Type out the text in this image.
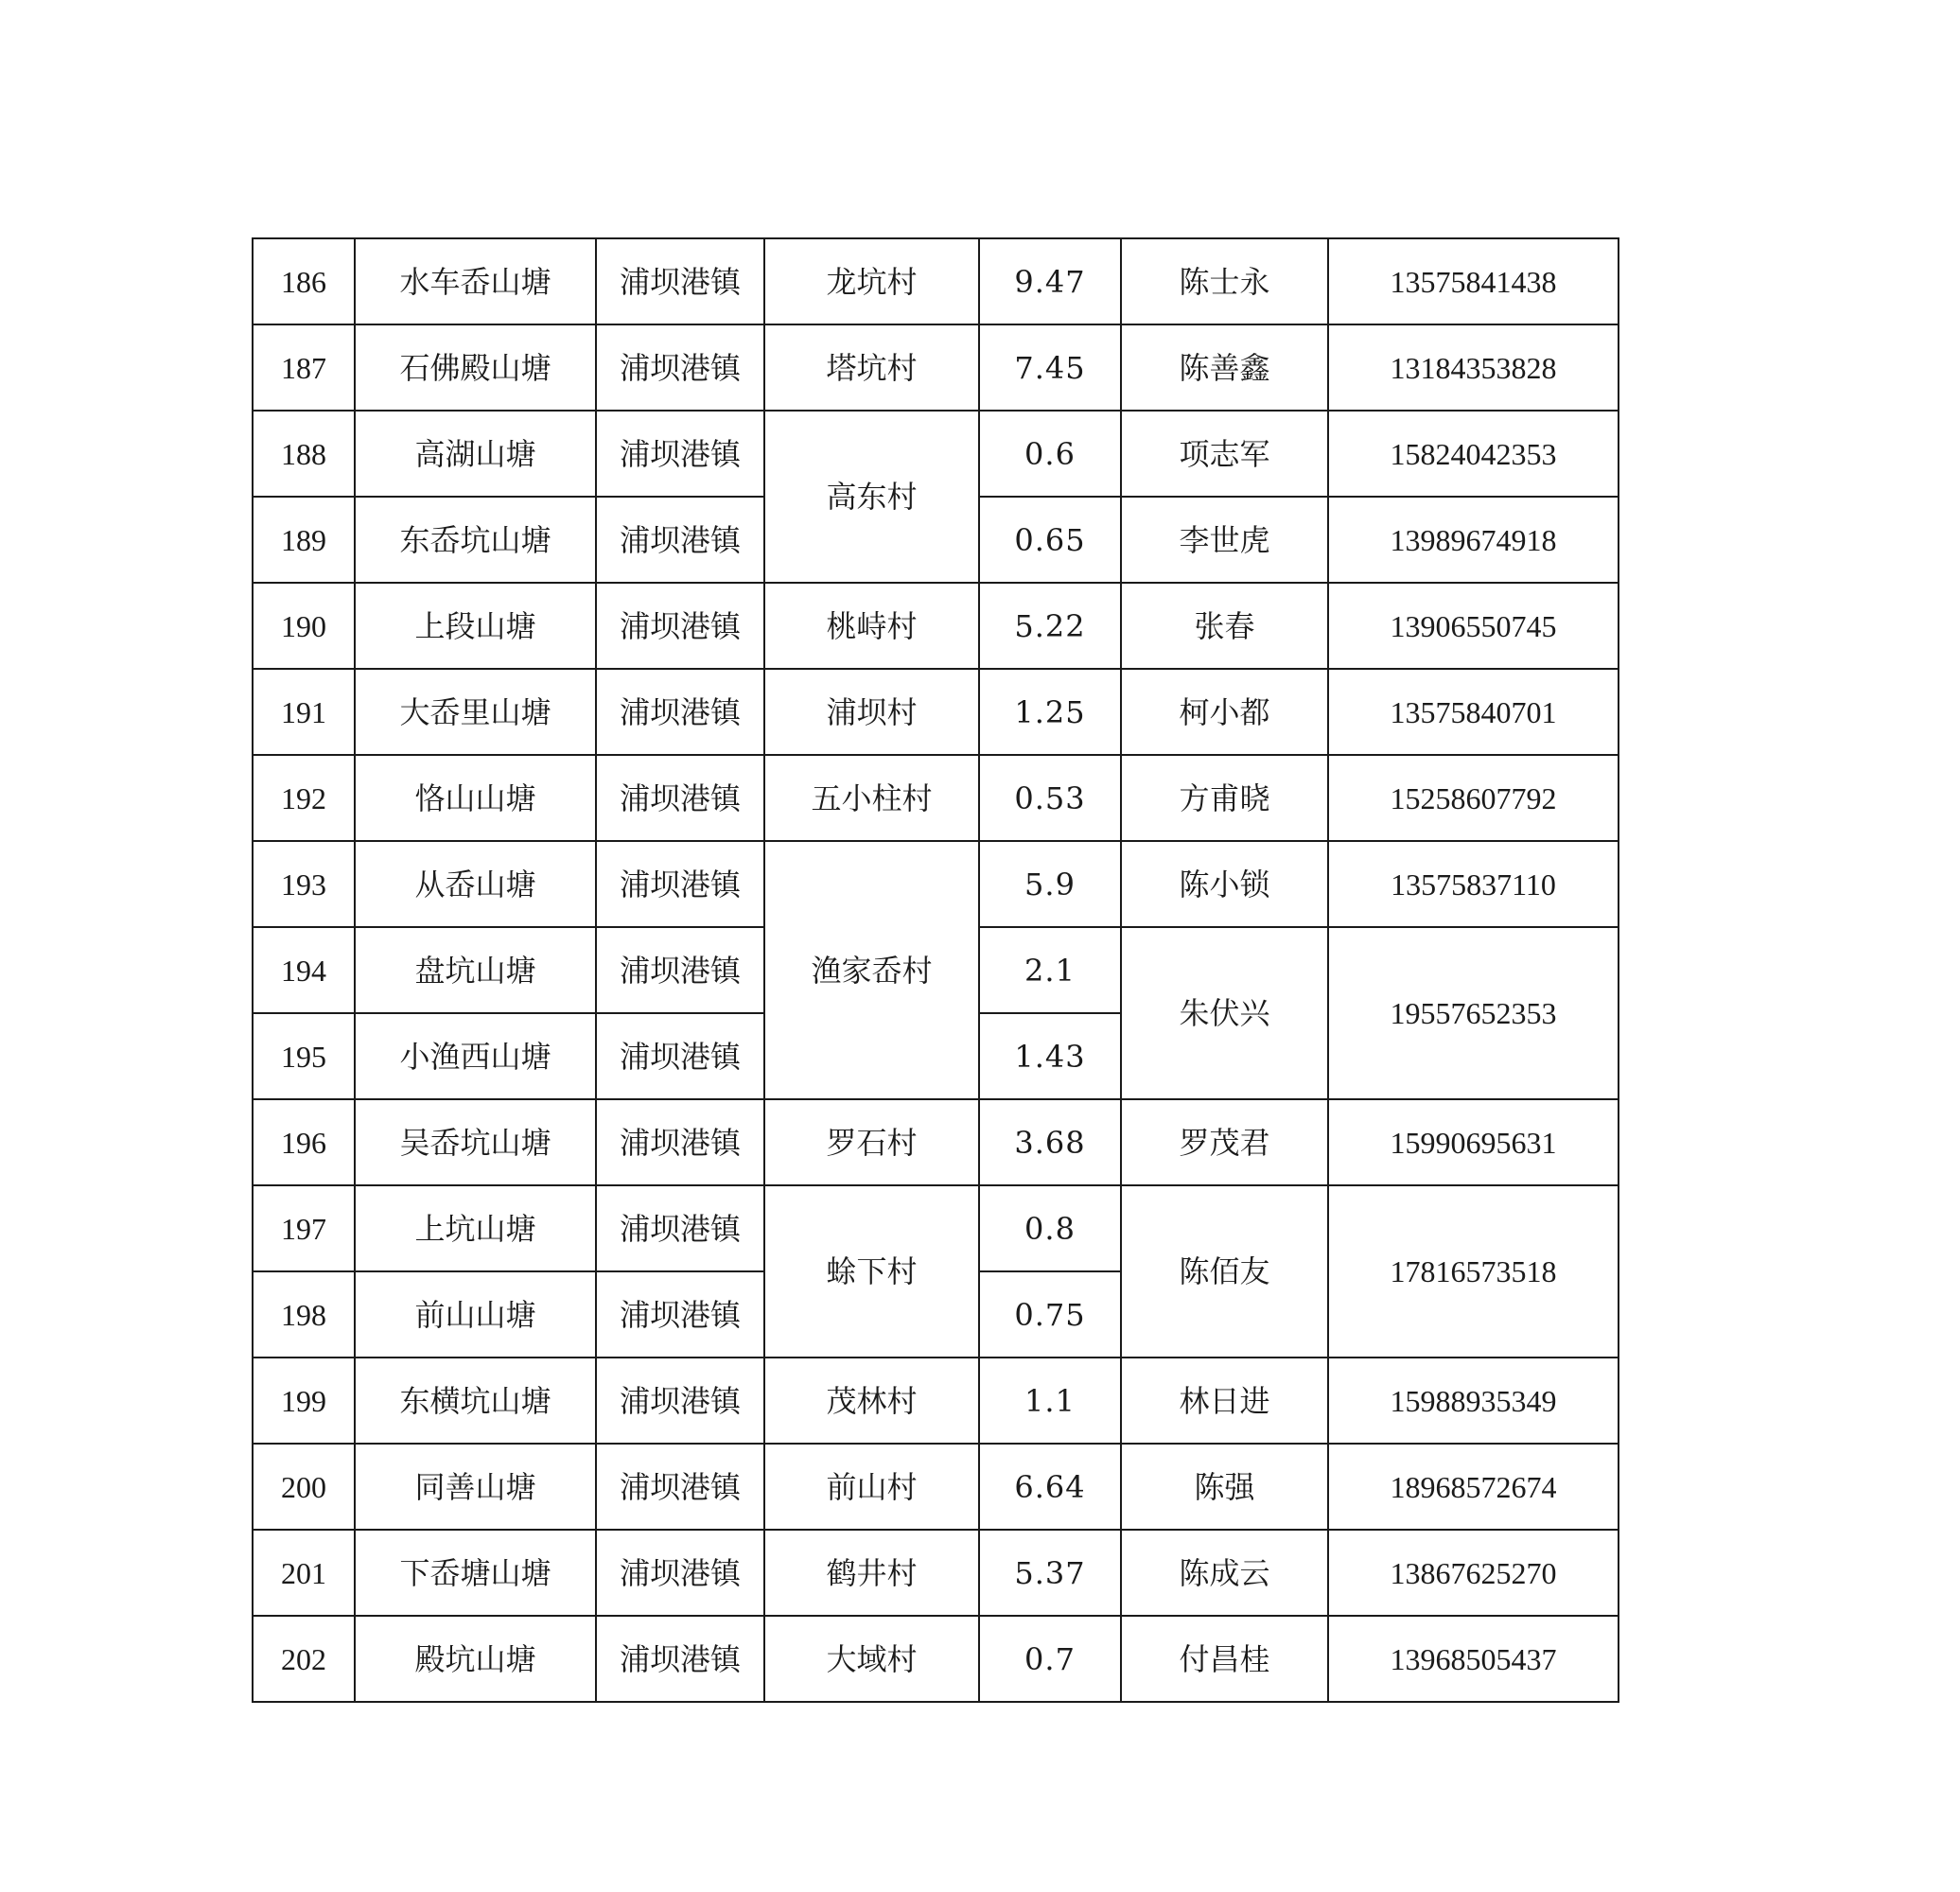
186	水车岙山塘	浦坝港镇	龙坑村	9.47	陈士永	13575841438
187	石佛殿山塘	浦坝港镇	塔坑村	7.45	陈善鑫	13184353828
188	高湖山塘	浦坝港镇	高东村	0.6	项志军	15824042353
189	东岙坑山塘	浦坝港镇		0.65	李世虎	13989674918
190	上段山塘	浦坝港镇	桃峙村	5.22	张春	13906550745
191	大岙里山塘	浦坝港镇	浦坝村	1.25	柯小都	13575840701
192	恪山山塘	浦坝港镇	五小柱村	0.53	方甫晓	15258607792
193	从岙山塘	浦坝港镇	渔家岙村	5.9	陈小锁	13575837110
194	盘坑山塘	浦坝港镇		2.1	朱伏兴	19557652353
195	小渔西山塘	浦坝港镇		1.43		
196	吴岙坑山塘	浦坝港镇	罗石村	3.68	罗茂君	15990695631
197	上坑山塘	浦坝港镇	蜍下村	0.8	陈佰友	17816573518
198	前山山塘	浦坝港镇		0.75		
199	东横坑山塘	浦坝港镇	茂林村	1.1	林日进	15988935349
200	同善山塘	浦坝港镇	前山村	6.64	陈强	18968572674
201	下岙塘山塘	浦坝港镇	鹤井村	5.37	陈成云	13867625270
202	殿坑山塘	浦坝港镇	大域村	0.7	付昌桂	13968505437
